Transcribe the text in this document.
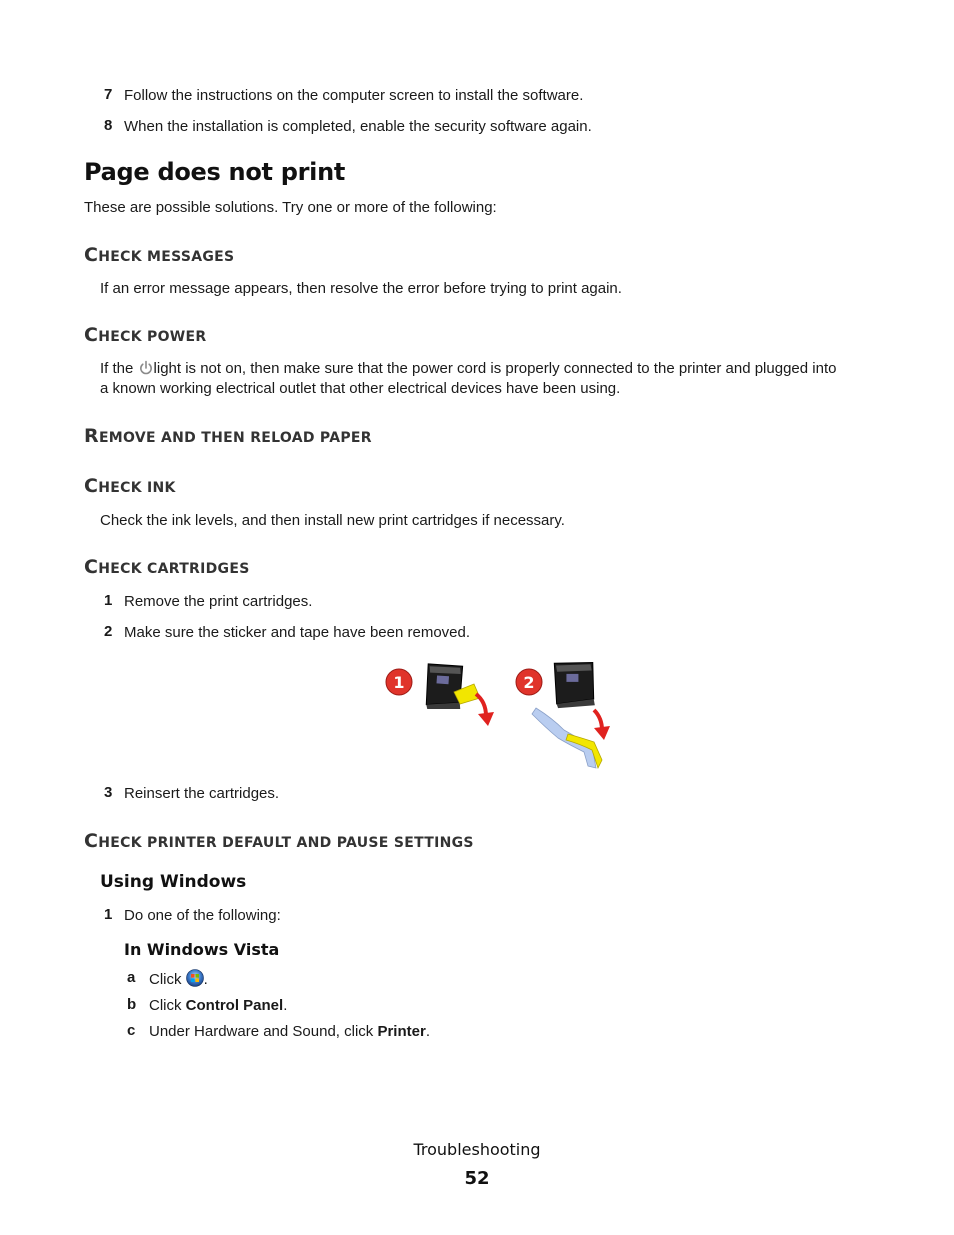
7 Follow the instructions on the computer screen to install the software.
8 When the installation is completed, enable the security software again.
Page does not print
These are possible solutions. Try one or more of the following:
CHECK MESSAGES
If an error message appears, then resolve the error before trying to print again.
CHECK POWER
If the light is not on, then make sure that the power cord is properly connected to the printer and plugged into
a known working electrical outlet that other electrical devices have been using.
REMOVE AND THEN RELOAD PAPER
CHECK INK
Check the ink levels, and then install new print cartridges if necessary.
CHECK CARTRIDGES
1 Remove the print cartridges.
2 Make sure the sticker and tape have been removed.
1	2
3 Reinsert the cartridges.
CHECK PRINTER DEFAULT AND PAUSE SETTINGS
Using Windows
1 Do one of the following:
In Windows Vista
a Click .
b Click Control Panel.
c Under Hardware and Sound, click Printer.
Troubleshooting
52
